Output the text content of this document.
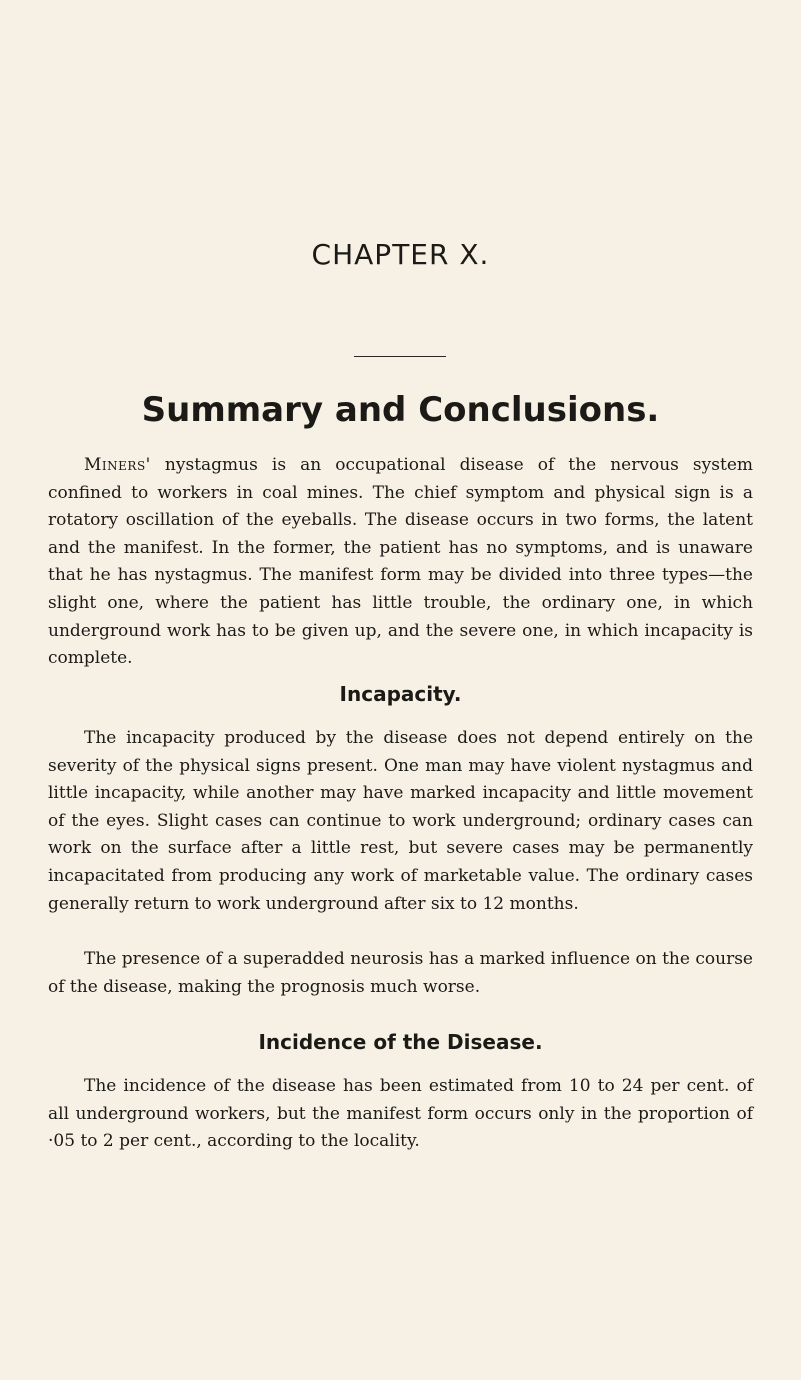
CHAPTER X.
Summary and Conclusions.

Miners' nystagmus is an occupational disease of the nervous system confined to workers in coal mines. The chief symptom and physical sign is a rotatory oscillation of the eyeballs. The disease occurs in two forms, the latent and the manifest. In the former, the patient has no symptoms, and is unaware that he has nystagmus. The manifest form may be divided into three types—the slight one, where the patient has little trouble, the ordinary one, in which underground work has to be given up, and the severe one, in which incapacity is complete.

Incapacity.

The incapacity produced by the disease does not depend entirely on the severity of the physical signs present. One man may have violent nystagmus and little incapacity, while another may have marked incapacity and little movement of the eyes. Slight cases can continue to work underground; ordinary cases can work on the surface after a little rest, but severe cases may be permanently incapacitated from producing any work of marketable value. The ordinary cases generally return to work underground after six to 12 months.

The presence of a superadded neurosis has a marked influence on the course of the disease, making the prognosis much worse.

Incidence of the Disease.

The incidence of the disease has been estimated from 10 to 24 per cent. of all underground workers, but the manifest form occurs only in the proportion of ·05 to 2 per cent., according to the locality.
